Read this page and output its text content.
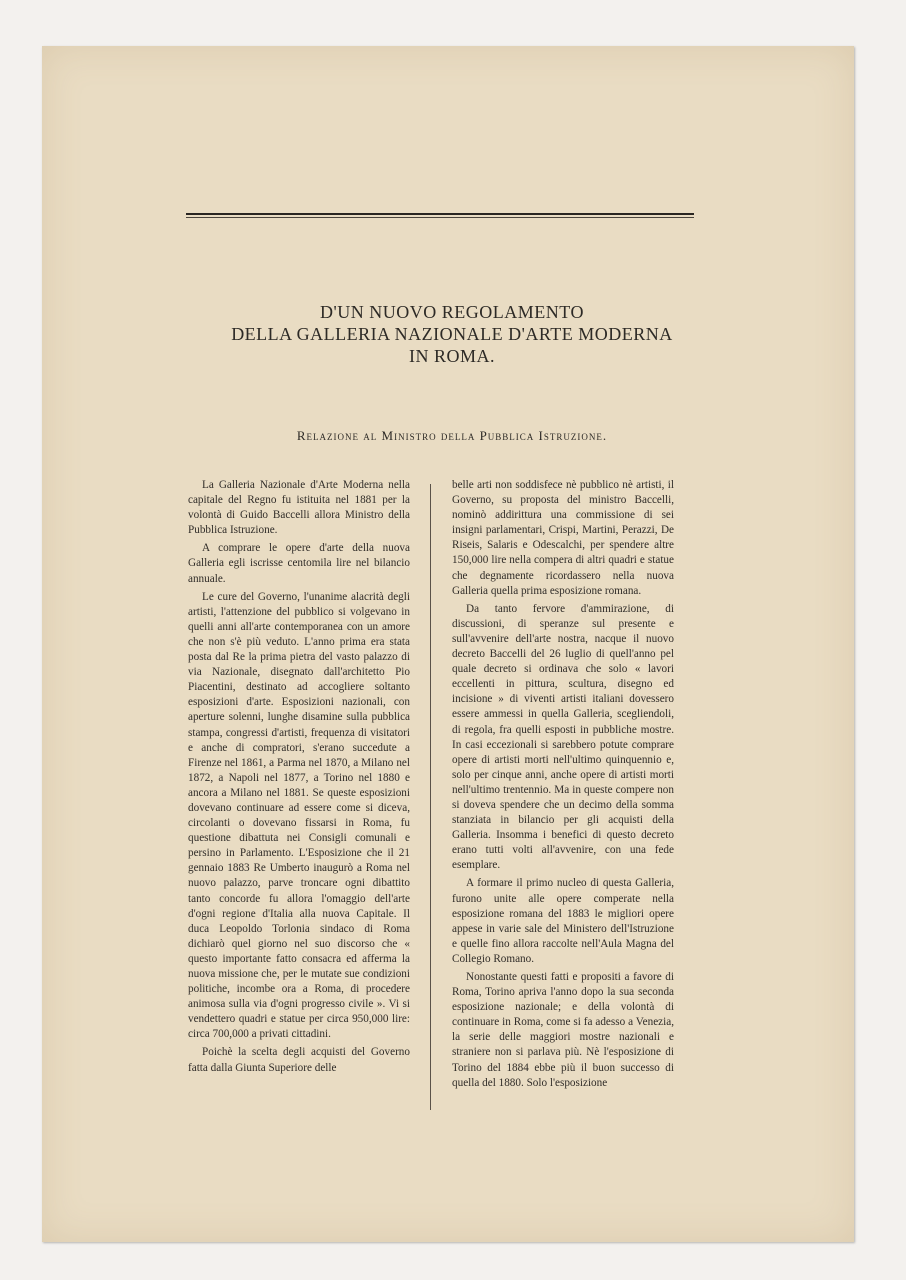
D'UN NUOVO REGOLAMENTO
DELLA GALLERIA NAZIONALE D'ARTE MODERNA
IN ROMA.
Relazione al Ministro della Pubblica Istruzione.

La Galleria Nazionale d'Arte Moderna nella capitale del Regno fu istituita nel 1881 per la volontà di Guido Baccelli allora Ministro della Pubblica Istruzione.

A comprare le opere d'arte della nuova Galleria egli iscrisse centomila lire nel bilancio annuale.

Le cure del Governo, l'unanime alacrità degli artisti, l'attenzione del pubblico si volgevano in quelli anni all'arte contemporanea con un amore che non s'è più veduto. L'anno prima era stata posta dal Re la prima pietra del vasto palazzo di via Nazionale, disegnato dall'architetto Pio Piacentini, destinato ad accogliere soltanto esposizioni d'arte. Esposizioni nazionali, con aperture solenni, lunghe disamine sulla pubblica stampa, congressi d'artisti, frequenza di visitatori e anche di compratori, s'erano succedute a Firenze nel 1861, a Parma nel 1870, a Milano nel 1872, a Napoli nel 1877, a Torino nel 1880 e ancora a Milano nel 1881. Se queste esposizioni dovevano continuare ad essere come si diceva, circolanti o dovevano fissarsi in Roma, fu questione dibattuta nei Consigli comunali e persino in Parlamento. L'Esposizione che il 21 gennaio 1883 Re Umberto inaugurò a Roma nel nuovo palazzo, parve troncare ogni dibattito tanto concorde fu allora l'omaggio dell'arte d'ogni regione d'Italia alla nuova Capitale. Il duca Leopoldo Torlonia sindaco di Roma dichiarò quel giorno nel suo discorso che « questo importante fatto consacra ed afferma la nuova missione che, per le mutate sue condizioni politiche, incombe ora a Roma, di procedere animosa sulla via d'ogni progresso civile ». Vi si vendettero quadri e statue per circa 950,000 lire: circa 700,000 a privati cittadini.

Poichè la scelta degli acquisti del Governo fatta dalla Giunta Superiore delle

belle arti non soddisfece nè pubblico nè artisti, il Governo, su proposta del ministro Baccelli, nominò addirittura una commissione di sei insigni parlamentari, Crispi, Martini, Perazzi, De Riseis, Salaris e Odescalchi, per spendere altre 150,000 lire nella compera di altri quadri e statue che degnamente ricordassero nella nuova Galleria quella prima esposizione romana.

Da tanto fervore d'ammirazione, di discussioni, di speranze sul presente e sull'avvenire dell'arte nostra, nacque il nuovo decreto Baccelli del 26 luglio di quell'anno pel quale decreto si ordinava che solo « lavori eccellenti in pittura, scultura, disegno ed incisione » di viventi artisti italiani dovessero essere ammessi in quella Galleria, scegliendoli, di regola, fra quelli esposti in pubbliche mostre. In casi eccezionali si sarebbero potute comprare opere di artisti morti nell'ultimo quinquennio e, solo per cinque anni, anche opere di artisti morti nell'ultimo trentennio. Ma in queste compere non si doveva spendere che un decimo della somma stanziata in bilancio per gli acquisti della Galleria. Insomma i benefici di questo decreto erano tutti volti all'avvenire, con una fede esemplare.

A formare il primo nucleo di questa Galleria, furono unite alle opere comperate nella esposizione romana del 1883 le migliori opere appese in varie sale del Ministero dell'Istruzione e quelle fino allora raccolte nell'Aula Magna del Collegio Romano.

Nonostante questi fatti e propositi a favore di Roma, Torino apriva l'anno dopo la sua seconda esposizione nazionale; e della volontà di continuare in Roma, come si fa adesso a Venezia, la serie delle maggiori mostre nazionali e straniere non si parlava più. Nè l'esposizione di Torino del 1884 ebbe più il buon successo di quella del 1880. Solo l'esposizione
